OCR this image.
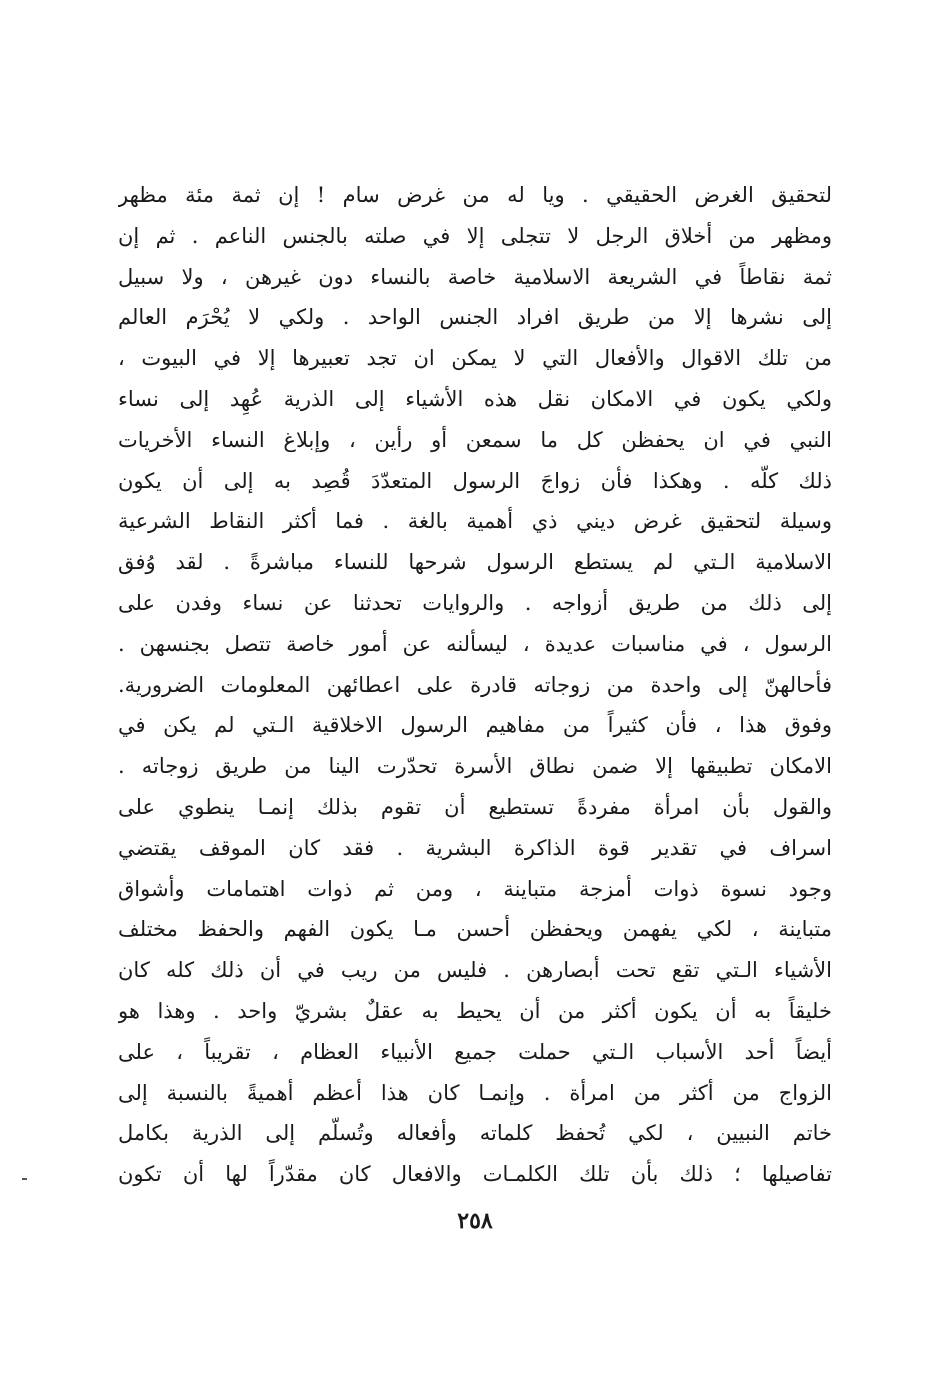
لتحقيق الغرض الحقيقي . ويا له من غرض سام ! إن ثمة مئة مظهر
ومظهر من أخلاق الرجل لا تتجلى إلا في صلته بالجنس الناعم . ثم إن
ثمة نقاطاً في الشريعة الاسلامية خاصة بالنساء دون غيرهن ، ولا سبيل
إلى نشرها إلا من طريق افراد الجنس الواحد . ولكي لا يُحْرَم العالم
من تلك الاقوال والأفعال التي لا يمكن ان تجد تعبيرها إلا في البيوت ،
ولكي يكون في الامكان نقل هذه الأشياء إلى الذرية عُهِد إلى نساء
النبي في ان يحفظن كل ما سمعن أو رأين ، وإبلاغ النساء الأخريات
ذلك كلّه . وهكذا فأن زواجَ الرسول المتعدّدَ قُصِد به إلى أن يكون
وسيلة لتحقيق غرض ديني ذي أهمية بالغة . فما أكثر النقاط الشرعية
الاسلامية الـتي لم يستطع الرسول شرحها للنساء مباشرةً . لقد وُفق
إلى ذلك من طريق أزواجه . والروايات تحدثنا عن نساء وفدن على
الرسول ، في مناسبات عديدة ، ليسألنه عن أمور خاصة تتصل بجنسهن .
فأحالهنّ إلى واحدة من زوجاته قادرة على اعطائهن المعلومات الضرورية.
وفوق هذا ، فأن كثيراً من مفاهيم الرسول الاخلاقية الـتي لم يكن في
الامكان تطبيقها إلا ضمن نطاق الأسرة تحدّرت الينا من طريق زوجاته .
والقول بأن امرأة مفردةً تستطيع أن تقوم بذلك إنمـا ينطوي على
اسراف في تقدير قوة الذاكرة البشرية . فقد كان الموقف يقتضي
وجود نسوة ذوات أمزجة متباينة ، ومن ثم ذوات اهتمامات وأشواق
متباينة ، لكي يفهمن ويحفظن أحسن مـا يكون الفهم والحفظ مختلف
الأشياء الـتي تقع تحت أبصارهن . فليس من ريب في أن ذلك كله كان
خليقاً به أن يكون أكثر من أن يحيط به عقلٌ بشريّ واحد . وهذا هو
أيضاً أحد الأسباب الـتي حملت جميع الأنبياء العظام ، تقريباً ، على
الزواج من أكثر من امرأة . وإنمـا كان هذا أعظم أهميةً بالنسبة إلى
خاتم النبيين ، لكي تُحفظ كلماته وأفعاله وتُسلّم إلى الذرية بكامل
تفاصيلها ؛ ذلك بأن تلك الكلمـات والافعال كان مقدّراً لها أن تكون
٢٥٨
